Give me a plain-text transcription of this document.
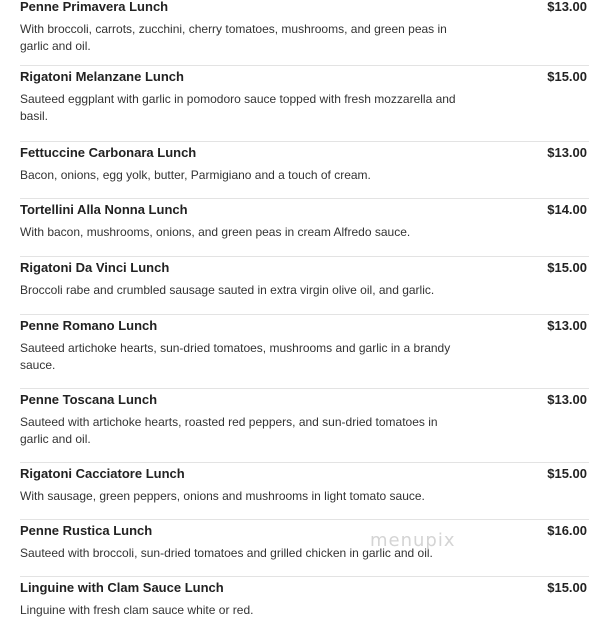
Penne Primavera Lunch	$13.00
With broccoli, carrots, zucchini, cherry tomatoes, mushrooms, and green peas in garlic and oil.
Rigatoni Melanzane Lunch	$15.00
Sauteed eggplant with garlic in pomodoro sauce topped with fresh mozzarella and basil.
Fettuccine Carbonara Lunch	$13.00
Bacon, onions, egg yolk, butter, Parmigiano and a touch of cream.
Tortellini Alla Nonna Lunch	$14.00
With bacon, mushrooms, onions, and green peas in cream Alfredo sauce.
Rigatoni Da Vinci Lunch	$15.00
Broccoli rabe and crumbled sausage sauted in extra virgin olive oil, and garlic.
Penne Romano Lunch	$13.00
Sauteed artichoke hearts, sun-dried tomatoes, mushrooms and garlic in a brandy sauce.
Penne Toscana Lunch	$13.00
Sauteed with artichoke hearts, roasted red peppers, and sun-dried tomatoes in garlic and oil.
Rigatoni Cacciatore Lunch	$15.00
With sausage, green peppers, onions and mushrooms in light tomato sauce.
Penne Rustica Lunch	$16.00
Sauteed with broccoli, sun-dried tomatoes and grilled chicken in garlic and oil.
Linguine with Clam Sauce Lunch	$15.00
Linguine with fresh clam sauce white or red.
menupix
